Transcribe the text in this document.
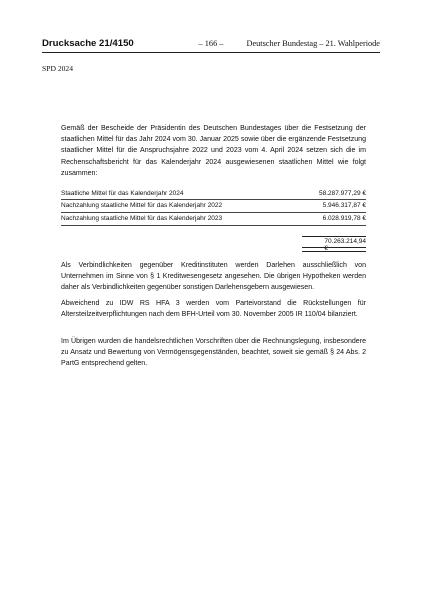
Drucksache 21/4150	– 166 –	Deutscher Bundestag – 21. Wahlperiode
SPD 2024

Gemäß der Bescheide der Präsidentin des Deutschen Bundestages über die Festsetzung der staatlichen Mittel für das Jahr 2024 vom 30. Januar 2025 sowie über die ergänzende Festsetzung staatlicher Mittel für die Anspruchsjahre 2022 und 2023 vom 4. April 2024 setzen sich die im Rechenschaftsbericht für das Kalenderjahr 2024 ausgewiesenen staatlichen Mittel wie folgt zusammen:

Staatliche Mittel für das Kalenderjahr 2024	58.287.977,29 €
Nachzahlung staatliche Mittel für das Kalenderjahr 2022	5.946.317,87 €
Nachzahlung staatliche Mittel für das Kalenderjahr 2023	6.028.919,78 €
70.263.214,94 €

Als Verbindlichkeiten gegenüber Kreditinstituten werden Darlehen ausschließlich von Unternehmen im Sinne von § 1 Kreditwesengesetz angesehen. Die übrigen Hypotheken werden daher als Verbindlichkeiten gegenüber sonstigen Darlehensgebern ausgewiesen.

Abweichend zu IDW RS HFA 3 werden vom Parteivorstand die Rückstellungen für Altersteilzeitverpflichtungen nach dem BFH-Urteil vom 30. November 2005 IR 110/04 bilanziert.

Im Übrigen wurden die handelsrechtlichen Vorschriften über die Rechnungslegung, insbesondere zu Ansatz und Bewertung von Vermögensgegenständen, beachtet, soweit sie gemäß § 24 Abs. 2 PartG entsprechend gelten.
